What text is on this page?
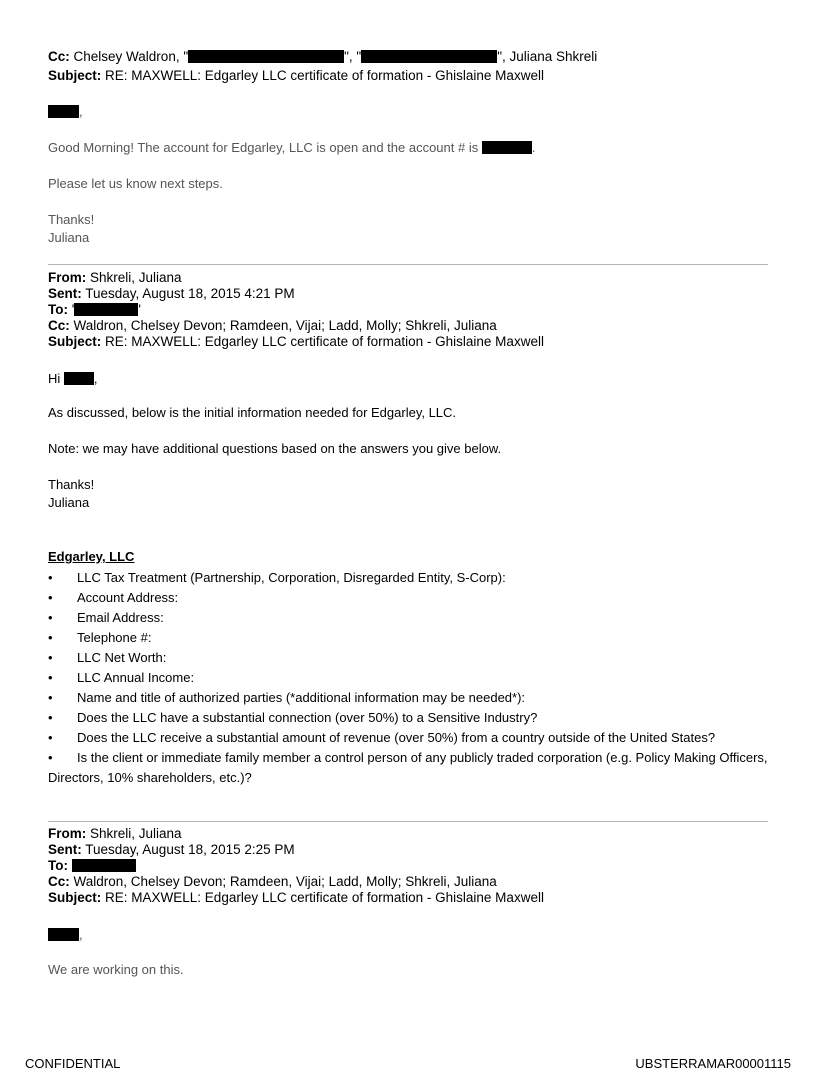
Cc: Chelsey Waldron, "	", "	", Juliana Shkreli
Subject: RE: MAXWELL: Edgarley LLC certificate of formation - Ghislaine Maxwell
,
Good Morning! The account for Edgarley, LLC is open and the account # is	.
Please let us know next steps.
Thanks!
Juliana
From: Shkreli, Juliana
Sent: Tuesday, August 18, 2015 4:21 PM
To: '	'
Cc: Waldron, Chelsey Devon; Ramdeen, Vijai; Ladd, Molly; Shkreli, Juliana
Subject: RE: MAXWELL: Edgarley LLC certificate of formation - Ghislaine Maxwell
Hi	,
As discussed, below is the initial information needed for Edgarley, LLC.
Note: we may have additional questions based on the answers you give below.
Thanks!
Juliana
Edgarley, LLC
• LLC Tax Treatment (Partnership, Corporation, Disregarded Entity, S-Corp):
• Account Address:
• Email Address:
• Telephone #:
• LLC Net Worth:
• LLC Annual Income:
• Name and title of authorized parties (*additional information may be needed*):
• Does the LLC have a substantial connection (over 50%) to a Sensitive Industry?
• Does the LLC receive a substantial amount of revenue (over 50%) from a country outside of the United States?
• Is the client or immediate family member a control person of any publicly traded corporation (e.g. Policy Making Officers, Directors, 10% shareholders, etc.)?
From: Shkreli, Juliana
Sent: Tuesday, August 18, 2015 2:25 PM
To:
Cc: Waldron, Chelsey Devon; Ramdeen, Vijai; Ladd, Molly; Shkreli, Juliana
Subject: RE: MAXWELL: Edgarley LLC certificate of formation - Ghislaine Maxwell
,
We are working on this.
CONFIDENTIAL	UBSTERRAMAR00001115
